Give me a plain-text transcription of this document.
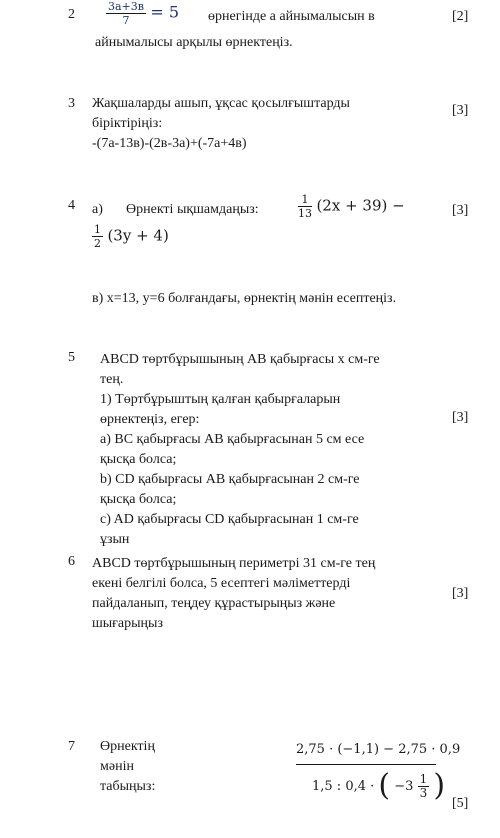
2	$\frac{3a+3в}{7} = 5$ өрнегінде a айнымалысын в
айнымалысы арқылы өрнектеңіз.
[2]
3 Жақшаларды ашып, ұқсас қосылғыштарды
біріктіріңіз:
-(7а-13в)-(2в-3а)+(-7а+4в)
[3]
4 а) Өрнекті ықшамдаңыз:	$\frac{1}{13} (2x + 39)$ −
$\frac{1}{2} (3y + 4)$
[3]
в) x=13, y=6 болғандағы, өрнектің мәнін есептеңіз.
5 ABCD төртбұрышының AB қабырғасы x см-ге
тең.
1) Төртбұрыштың қалған қабырғаларын
өрнектеңіз, егер:
а) BC қабырғасы AB қабырғасынан 5 см есе
қысқа болса;
b) CD қабырғасы AB қабырғасынан 2 см-ге
қысқа болса;
c) AD қабырғасы CD қабырғасынан 1 см-ге
ұзын
[3]
6 ABCD төртбұрышының периметрі 31 см-ге тең
екені белгілі болса, 5 есептегі мәліметтерді
пайдаланып, теңдеу құрастырыңыз және
шығарыңыз
[3]
7 Өрнектің
мәнін
табыңыз:
2,75 · (−1,1) − 2,75 · 0,9
1,5 : 0,4 · ( $-3 \frac{1}{3}$ )
[5]
